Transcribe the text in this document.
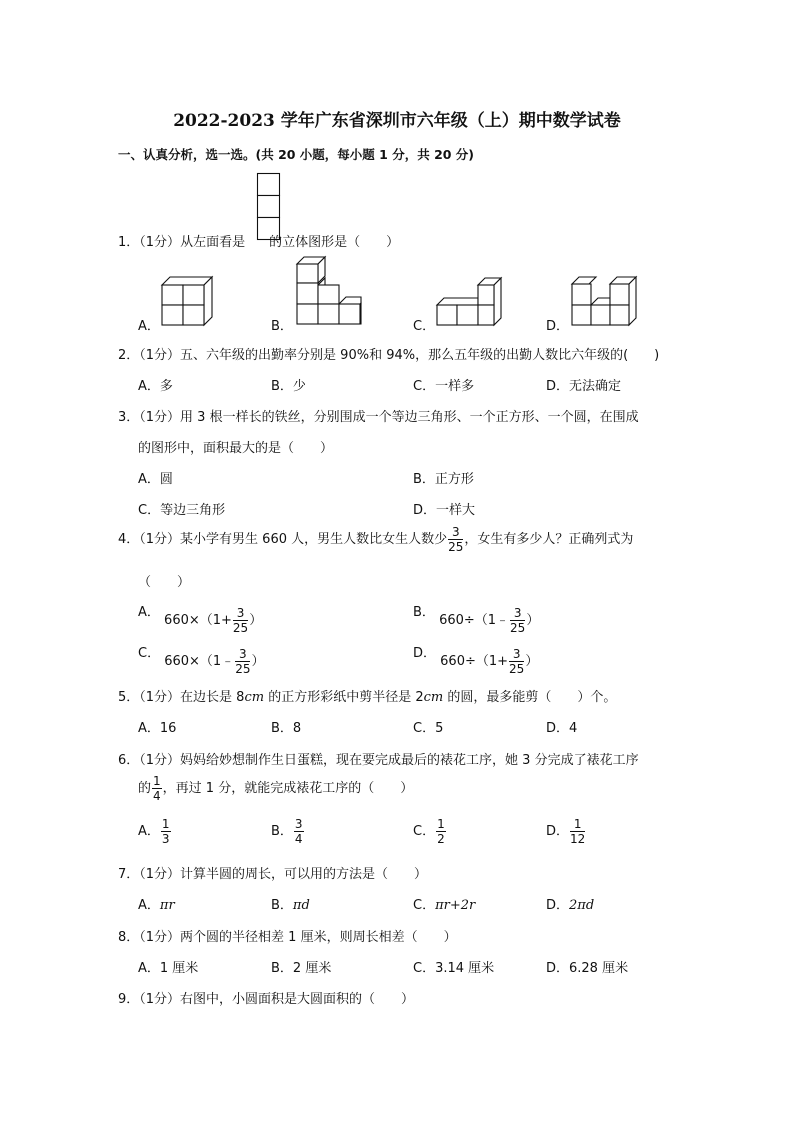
2022-2023 学年广东省深圳市六年级（上）期中数学试卷
一、认真分析，选一选。(共 20 小题，每小题 1 分，共 20 分)
1．（1分）从左面看是 的立体图形是（　　）
A．	B．	C．	D．
2．（1分）五、六年级的出勤率分别是 90%和 94%，那么五年级的出勤人数比六年级的(　　)
A．多	B．少	C．一样多	D．无法确定
3．（1分）用 3 根一样长的铁丝，分别围成一个等边三角形、一个正方形、一个圆，在围成
的图形中，面积最大的是（　　）
A．圆	B．正方形
C．等边三角形	D．一样大
4．（1分）某小学有男生 660 人，男生人数比女生人数少 $\frac{3}{25}$ ，女生有多少人？正确列式为
（　　）
A． $660\times(1+ \frac{3}{25}$ ）
B． 660÷（1﹣ $\frac{3}{25}$ ）
C． 660×（1﹣ $\frac{3}{25}$ ）
D． $660\div(1+ \frac{3}{25}$ ）
5．（1分）在边长是 8cm 的正方形彩纸中剪半径是 2cm 的圆，最多能剪（　　）个。
A．16	B．8	C．5	D．4
6．（1分）妈妈给妙想制作生日蛋糕，现在要完成最后的裱花工序，她 3 分完成了裱花工序
的 $\frac{1}{4}$ ，再过 1 分，就能完成裱花工序的（　　）
A． $\frac{1}{3}$	B． $\frac{3}{4}$	C． $\frac{1}{2}$	D． $\frac{1}{12}$
7．（1分）计算半圆的周长，可以用的方法是（　　）
A．πr	B．πd	C．πr+2r	D．2πd
8．（1分）两个圆的半径相差 1 厘米，则周长相差（　　）
A．1 厘米	B．2 厘米	C．3.14 厘米	D．6.28 厘米
9．（1分）右图中，小圆面积是大圆面积的（　　）
